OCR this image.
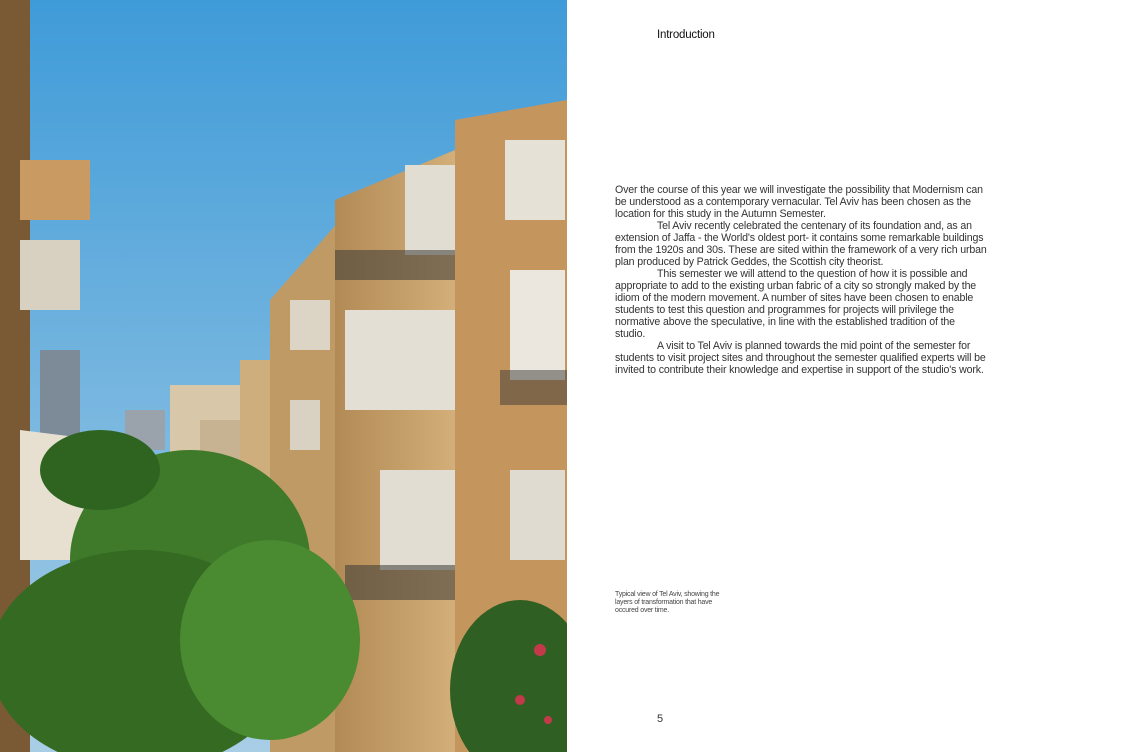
Introduction

Over the course of this year we will investigate the possibility that Modernism can be understood as a contemporary vernacular. Tel Aviv has been chosen as the location for this study in the Autumn Semester.

Tel Aviv recently celebrated the centenary of its foundation and, as an extension of Jaffa - the World's oldest port- it contains some remarkable buildings from the 1920s and 30s. These are sited within the framework of a very rich urban plan produced by Patrick Geddes, the Scottish city theorist.

This semester we will attend to the question of how it is possible and appropriate to add to the existing urban fabric of a city so strongly maked by the idiom of the modern movement. A number of sites have been chosen to enable students to test this question and programmes for projects will privilege the normative above the speculative, in line with the established tradition of the studio.

A visit to Tel Aviv is planned towards the mid point of the semester for students to visit project sites and throughout the semester qualified experts will be invited to contribute their knowledge and expertise in support of the studio's work.

Typical view of Tel Aviv, showing the layers of transformation that have occured over time.
5
